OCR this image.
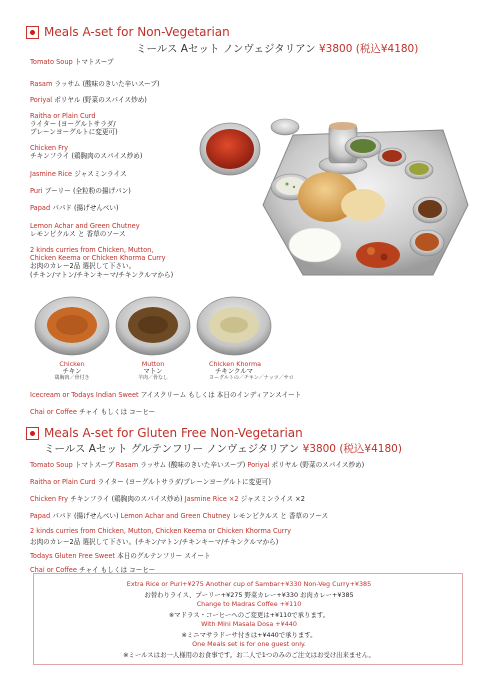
Meals A-set for Non-Vegetarian
ミールス Aセット ノンヴェジタリアン ¥3800 (税込¥4180)
Tomato Soup トマトスープ
Rasam ラッサム (酸味のきいた辛いスープ)
Poriyal ポリヤル (野菜のスパイス炒め)
Raitha or Plain Curd
ライター (ヨーグルトサラダ/
プレーンヨーグルトに変更可)
Chicken Fry
チキンフライ (鶏胸肉のスパイス炒め)
Jasmine Rice ジャスミンライス
Puri プーリー (全粒粉の揚げパン)
Papad パパド (揚げせんべい)
Lemon Achar and Green Chutney
レモンピクルス と 香草のソース
2 kinds curries from Chicken, Mutton,
Chicken Keema or Chicken Khorma Curry
お肉のカレー2品 選択して下さい。
(チキン/マトン/チキンキーマ/チキンクルマから)
Chicken
チキン
鶏胸肉／骨付き
Mutton
マトン
羊肉／骨なし
Chicken Khorma
チキンクルマ
ヨーグルトの／チキン／ナッツ／サロ
Icecream or Todays Indian Sweet アイスクリーム もしくは 本日のインディアンスイート
Chai or Coffee チャイ もしくは コーヒー
Meals A-set for Gluten Free Non-Vegetarian
ミールス Aセット グルテンフリー ノンヴェジタリアン ¥3800 (税込¥4180)
Tomato Soup トマトスープ Rasam ラッサム (酸味のきいた辛いスープ) Poriyal ポリヤル (野菜のスパイス炒め)
Raitha or Plain Curd ライター (ヨーグルトサラダ/プレーンヨーグルトに変更可)
Chicken Fry チキンフライ (鶏胸肉のスパイス炒め) Jasmine Rice ×2 ジャスミンライス ×2
Papad パパド (揚げせんべい) Lemon Achar and Green Chutney レモンピクルス と 香草のソース
2 kinds curries from Chicken, Mutton, Chicken Keema or Chicken Khorma Curry
お肉のカレー2品 選択して下さい。(チキン/マトン/チキンキーマ/チキンクルマから)
Todays Gluten Free Sweet 本日のグルテンフリー スイート
Chai or Coffee チャイ もしくは コーヒー
Extra Rice or Puri+¥275 Another cup of Sambar+¥330 Non-Veg Curry+¥385
お替わりライス、プーリー+¥275 野菜カレー+¥330 お肉カレー+¥385
Change to Madras Coffee +¥110
※マドラス・コーヒーへのご変更は+¥110で承ります。
With Mini Masala Dosa +¥440
※ミニマサラドーサ付きは+¥440で承ります。
One Meals set is for one guest only.
※ミールスはお一人様用のお食事です。お二人で1つのみのご注文はお受け出来ません。
